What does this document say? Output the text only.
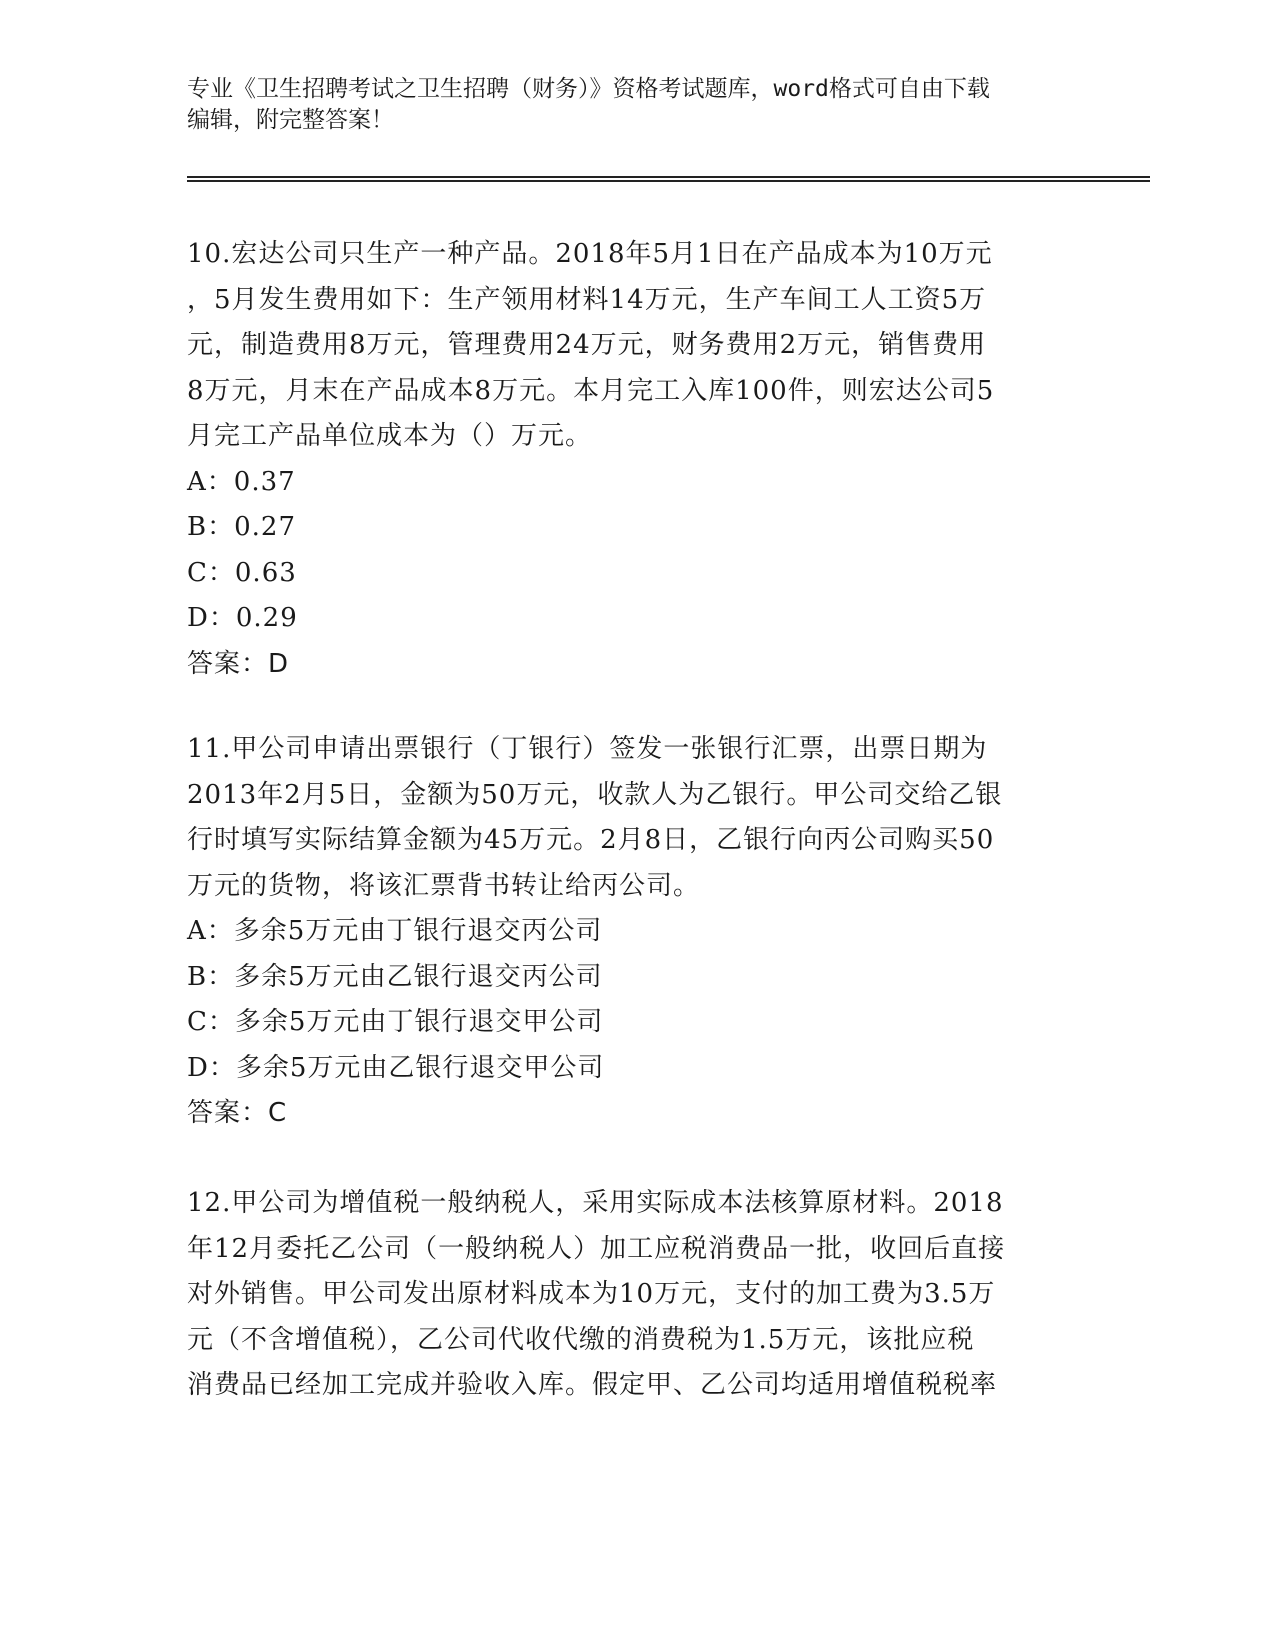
专业《卫生招聘考试之卫生招聘（财务）》资格考试题库，word格式可自由下载
编辑，附完整答案！
10.宏达公司只生产一种产品。2018年5月1日在产品成本为10万元
，5月发生费用如下：生产领用材料14万元，生产车间工人工资5万
元，制造费用8万元，管理费用24万元，财务费用2万元，销售费用
8万元，月末在产品成本8万元。本月完工入库100件，则宏达公司5
月完工产品单位成本为（）万元。
A：0.37
B：0.27
C：0.63
D：0.29
答案：D
11.甲公司申请出票银行（丁银行）签发一张银行汇票，出票日期为
2013年2月5日，金额为50万元，收款人为乙银行。甲公司交给乙银
行时填写实际结算金额为45万元。2月8日，乙银行向丙公司购买50
万元的货物，将该汇票背书转让给丙公司。
A：多余5万元由丁银行退交丙公司
B：多余5万元由乙银行退交丙公司
C：多余5万元由丁银行退交甲公司
D：多余5万元由乙银行退交甲公司
答案：C
12.甲公司为增值税一般纳税人，采用实际成本法核算原材料。2018
年12月委托乙公司（一般纳税人）加工应税消费品一批，收回后直接
对外销售。甲公司发出原材料成本为10万元，支付的加工费为3.5万
元（不含增值税），乙公司代收代缴的消费税为1.5万元，该批应税
消费品已经加工完成并验收入库。假定甲、乙公司均适用增值税税率
